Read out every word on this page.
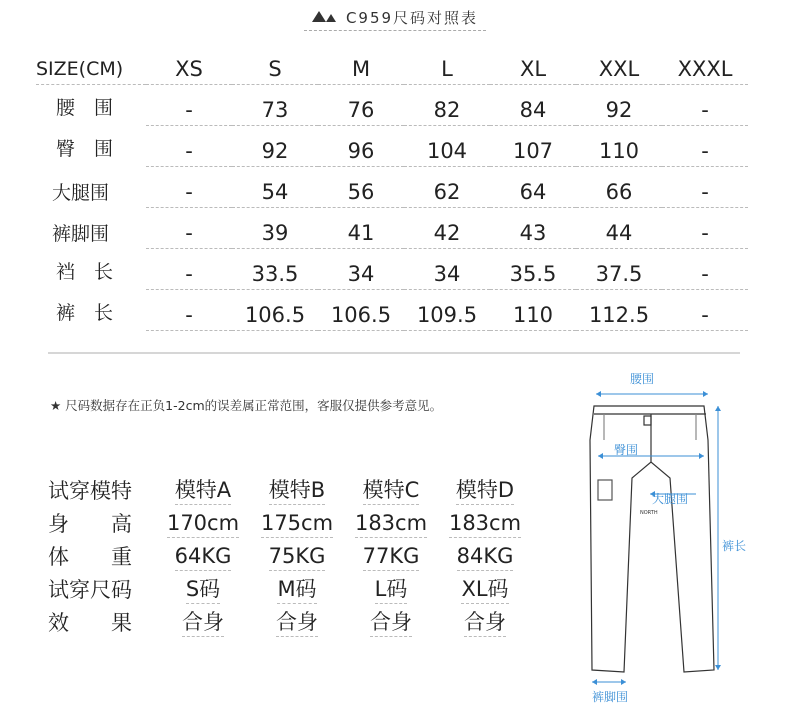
C959尺码对照表
SIZE(CM)	XS	S	M	L	XL	XXL	XXXL
腰　 围	-	73	76	82	84	92	-
臀　 围	-	92	96	104	107	110	-
大腿围	-	54	56	62	64	66	-
裤脚围	-	39	41	42	43	44	-
裆　 长	-	33.5	34	34	35.5	37.5	-
裤　 长	-	106.5	106.5	109.5	110	112.5	-
★ 尺码数据存在正负1-2cm的误差属正常范围，客服仅提供参考意见。
试穿模特	模特A	模特B	模特C	模特D
身　　高	170cm	175cm	183cm	183cm
体　　重	64KG	75KG	77KG	84KG
试穿尺码	S码	M码	L码	XL码
效　　果	合身	合身	合身	合身
腰围
NORTH
臀围
大腿围
裤长
裤脚围
